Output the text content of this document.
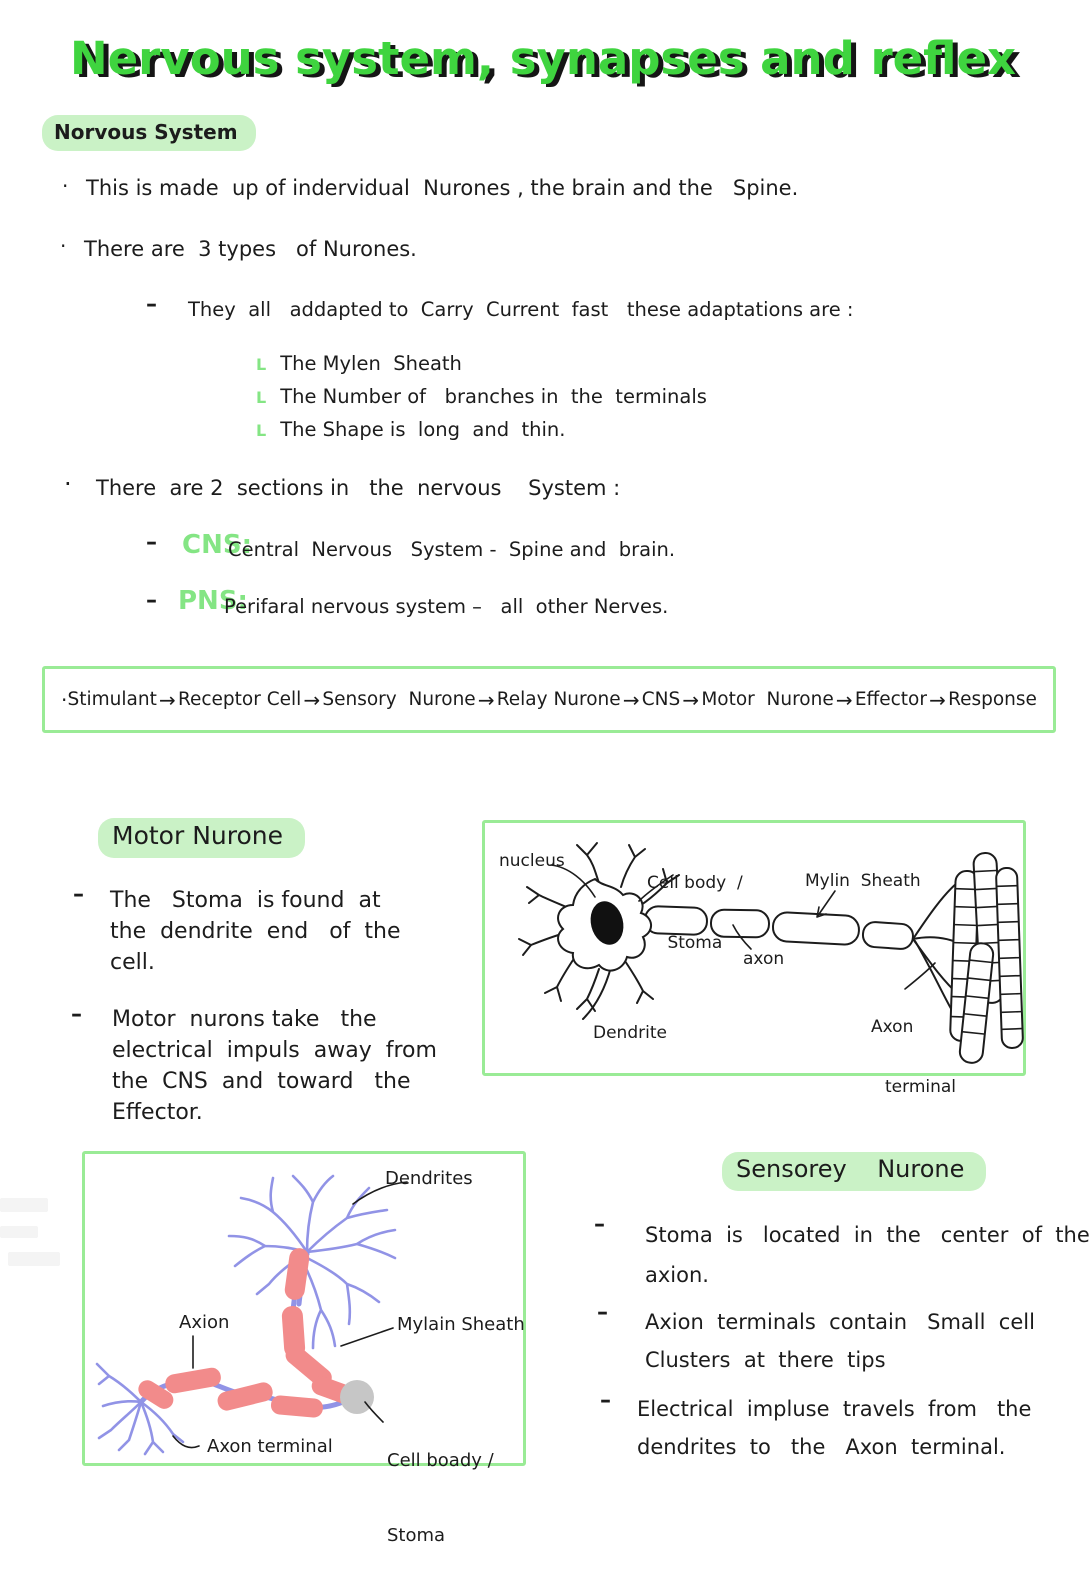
Nervous system, synapses and reflex
Norvous System
· This is made  up of indervidual  Nurones , the brain and the   Spine.
· There are  3 types   of Nurones.
– They  all   addapted to  Carry  Current  fast   these adaptations are :
L The Mylen  Sheath
L The Number of   branches in  the  terminals
L The Shape is  long  and  thin.
· There  are 2  sections in   the  nervous    System :
– CNS:
Central  Nervous   System -  Spine and  brain.
– PNS:
Perifaral nervous system –   all  other Nerves.
· Stimulant → Receptor Cell → Sensory  Nurone → Relay Nurone → CNS → Motor  Nurone → Effector → Response
Motor Nurone
– The   Stoma  is found  at
the  dendrite  end   of  the
cell.
– Motor  nurons take   the
electrical  impuls  away  from
the  CNS  and  toward   the
Effector.
nucleus

Cell body  /

Stoma

Mylin  Sheath
axon

Axon

terminal

Dendrite
Dendrites
Axion	Mylain Sheath
Axon terminal

Cell boady /

Stoma

Sensorey    Nurone
– Stoma  is   located  in  the   center  of  the
axion.
– Axion  terminals  contain   Small  cell
Clusters  at  there  tips
– Electrical  impluse  travels  from   the
dendrites  to   the   Axon  terminal.
